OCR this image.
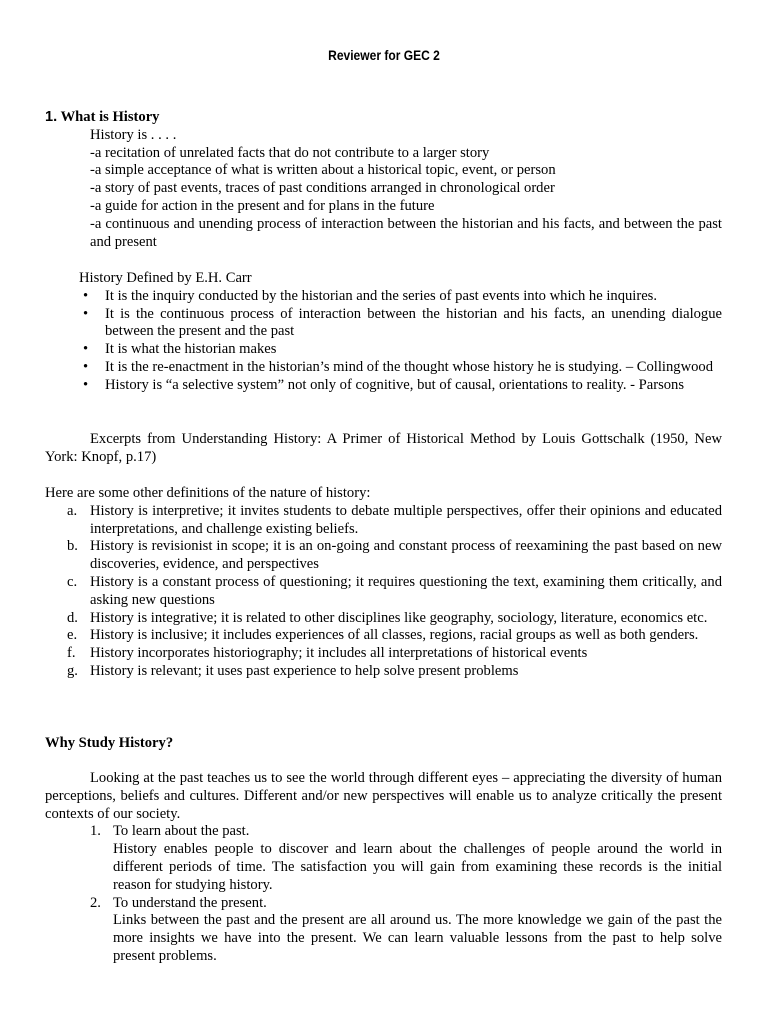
Reviewer for GEC 2
1. What is History
History is . . . .
-a recitation of unrelated facts that do not contribute to a larger story
-a simple acceptance of what is written about a historical topic, event, or person
-a story of past events, traces of past conditions arranged in chronological order
-a guide for action in the present and for plans in the future
-a continuous and unending process of interaction between the historian and his facts, and between the past and present
History Defined by E.H. Carr
• It is the inquiry conducted by the historian and the series of past events into which he inquires.
• It is the continuous process of interaction between the historian and his facts, an unending dialogue between the present and the past
• It is what the historian makes
• It is the re-enactment in the historian’s mind of the thought whose history he is studying. – Collingwood
• History is “a selective system” not only of cognitive, but of causal, orientations to reality. - Parsons
Excerpts from Understanding History: A Primer of Historical Method by Louis Gottschalk (1950, New York: Knopf, p.17)
Here are some other definitions of the nature of history:
a. History is interpretive; it invites students to debate multiple perspectives, offer their opinions and educated interpretations, and challenge existing beliefs.
b. History is revisionist in scope; it is an on-going and constant process of reexamining the past based on new discoveries, evidence, and perspectives
c. History is a constant process of questioning; it requires questioning the text, examining them critically, and asking new questions
d. History is integrative; it is related to other disciplines like geography, sociology, literature, economics etc.
e. History is inclusive; it includes experiences of all classes, regions, racial groups as well as both genders.
f. History incorporates historiography; it includes all interpretations of historical events
g. History is relevant; it uses past experience to help solve present problems
Why Study History?
Looking at the past teaches us to see the world through different eyes – appreciating the diversity of human perceptions, beliefs and cultures. Different and/or new perspectives will enable us to analyze critically the present contexts of our society.
1. To learn about the past.
History enables people to discover and learn about the challenges of people around the world in different periods of time. The satisfaction you will gain from examining these records is the initial reason for studying history.
2. To understand the present.
Links between the past and the present are all around us. The more knowledge we gain of the past the more insights we have into the present. We can learn valuable lessons from the past to help solve present problems.
